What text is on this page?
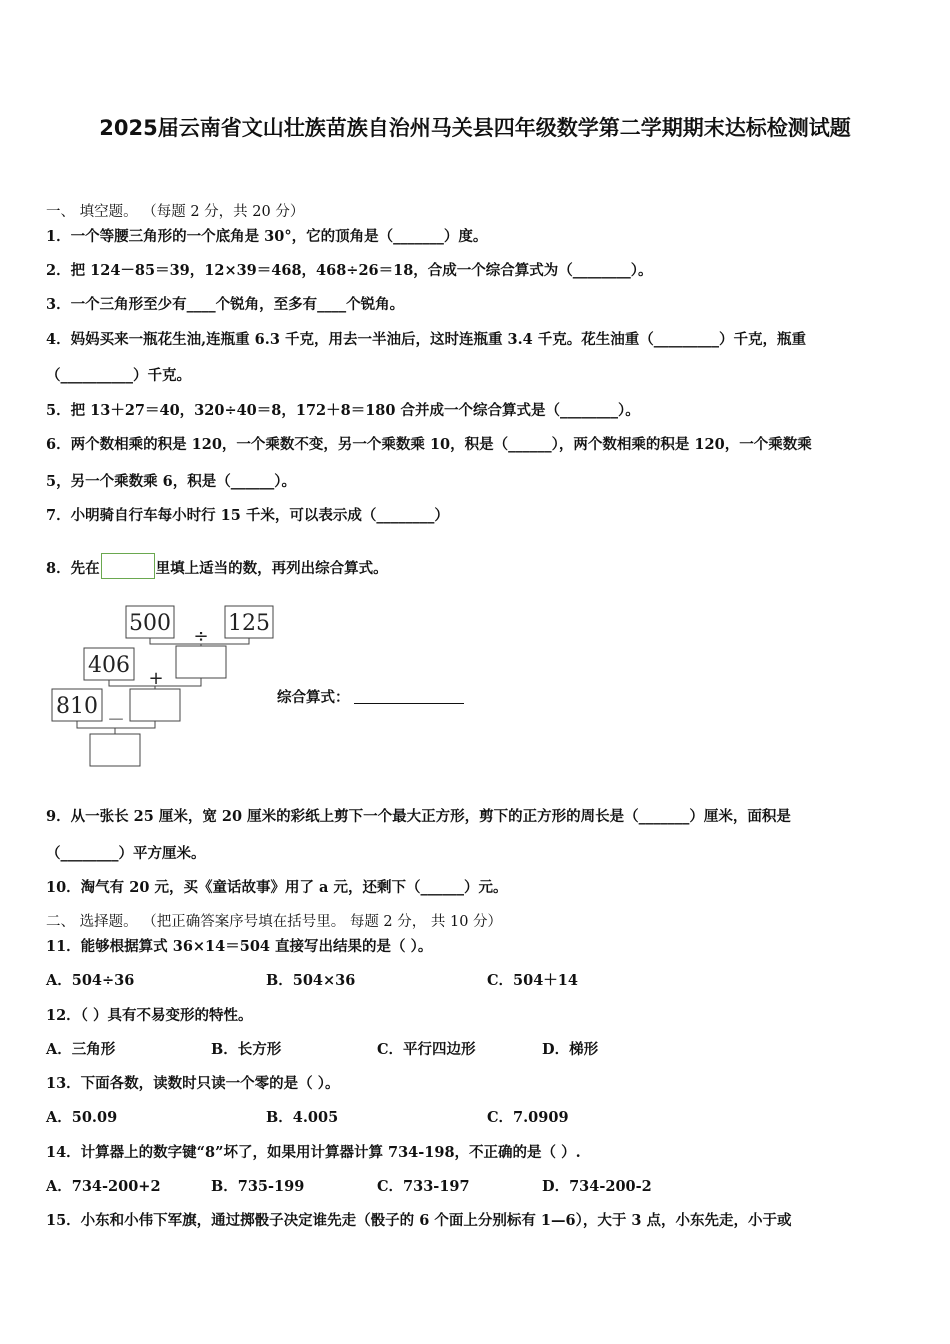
2025届云南省文山壮族苗族自治州马关县四年级数学第二学期期末达标检测试题
一、 填空题。 （每题 2 分，共 20 分）
1．一个等腰三角形的一个底角是 30°，它的顶角是（_______）度。
2．把 124－85＝39，12×39＝468，468÷26＝18，合成一个综合算式为（________）。
3．一个三角形至少有____个锐角，至多有____个锐角。
4．妈妈买来一瓶花生油,连瓶重 6.3 千克，用去一半油后，这时连瓶重 3.4 千克。花生油重（_________）千克，瓶重
（__________）千克。
5．把 13＋27＝40，320÷40＝8，172＋8＝180 合并成一个综合算式是（________）。
6．两个数相乘的积是 120，一个乘数不变，另一个乘数乘 10，积是（______），两个数相乘的积是 120，一个乘数乘
5，另一个乘数乘 6，积是（______）。
7．小明骑自行车每小时行 15 千米，可以表示成（________）
8．先在	里填上适当的数，再列出综合算式。
500	125
406
810
÷
+
－
综合算式：
9．从一张长 25 厘米，宽 20 厘米的彩纸上剪下一个最大正方形，剪下的正方形的周长是（_______）厘米，面积是
（________）平方厘米。
10．淘气有 20 元，买《童话故事》用了 a 元，还剩下（______）元。
二、 选择题。 （把正确答案序号填在括号里。 每题 2 分， 共 10 分）
11．能够根据算式 36×14＝504 直接写出结果的是（ ）。
A．504÷36	B．504×36	C．504＋14
12．（ ）具有不易变形的特性。
A．三角形	B．长方形	C．平行四边形	D．梯形
13．下面各数，读数时只读一个零的是（ ）。
A．50.09	B．4.005	C．7.0909
14．计算器上的数字键“8”坏了，如果用计算器计算 734-198，不正确的是（ ）.
A．734-200+2	B．735-199	C．733-197	D．734-200-2
15．小东和小伟下军旗，通过掷骰子决定谁先走（骰子的 6 个面上分别标有 1—6），大于 3 点，小东先走，小于或
